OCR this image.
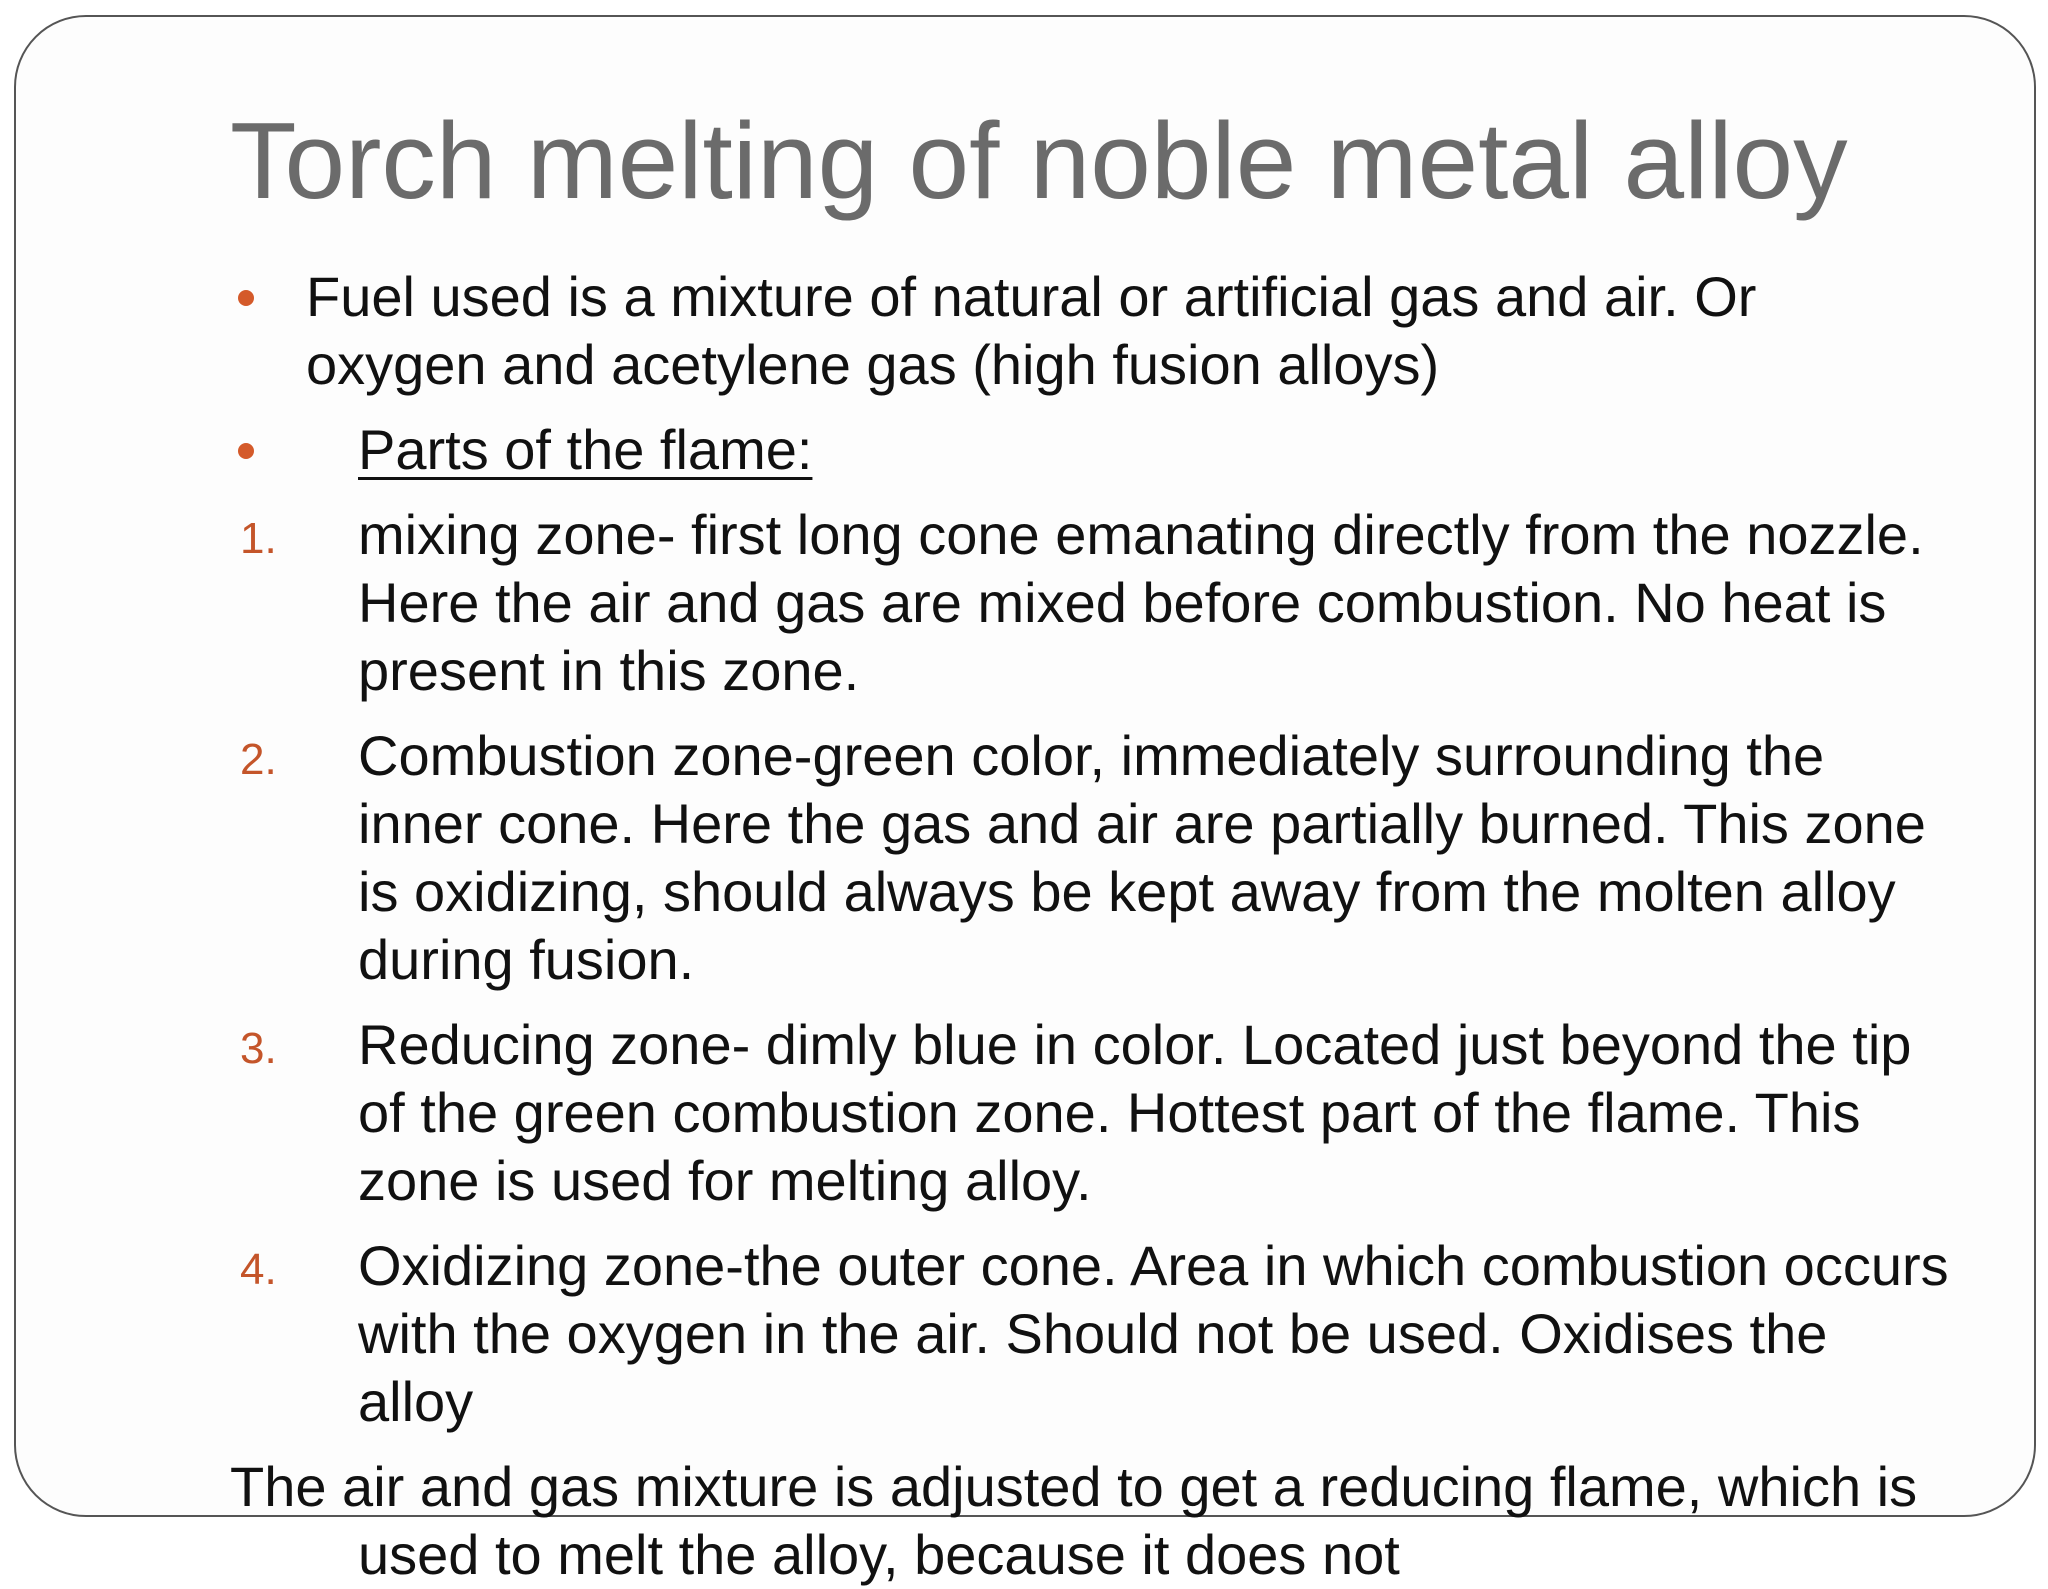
Torch melting of noble metal alloy
Fuel used is a mixture of natural or artificial gas and air. Or oxygen and acetylene gas (high fusion alloys)
Parts of the flame:
1. mixing zone- first long cone emanating directly from the nozzle. Here the air and gas are mixed before combustion. No heat is present in this zone.
2. Combustion zone-green color, immediately surrounding the inner cone. Here the gas and air are partially burned. This zone is oxidizing, should always be kept away from the molten alloy during fusion.
3. Reducing zone- dimly blue in color. Located just beyond the tip of the green combustion zone. Hottest part of the flame. This zone is used for melting alloy.
4. Oxidizing zone-the outer cone. Area in which combustion occurs with the oxygen in the air. Should not be used. Oxidises the alloy
The air and gas mixture is adjusted to get a reducing flame, which is used to melt the alloy, because it does not
